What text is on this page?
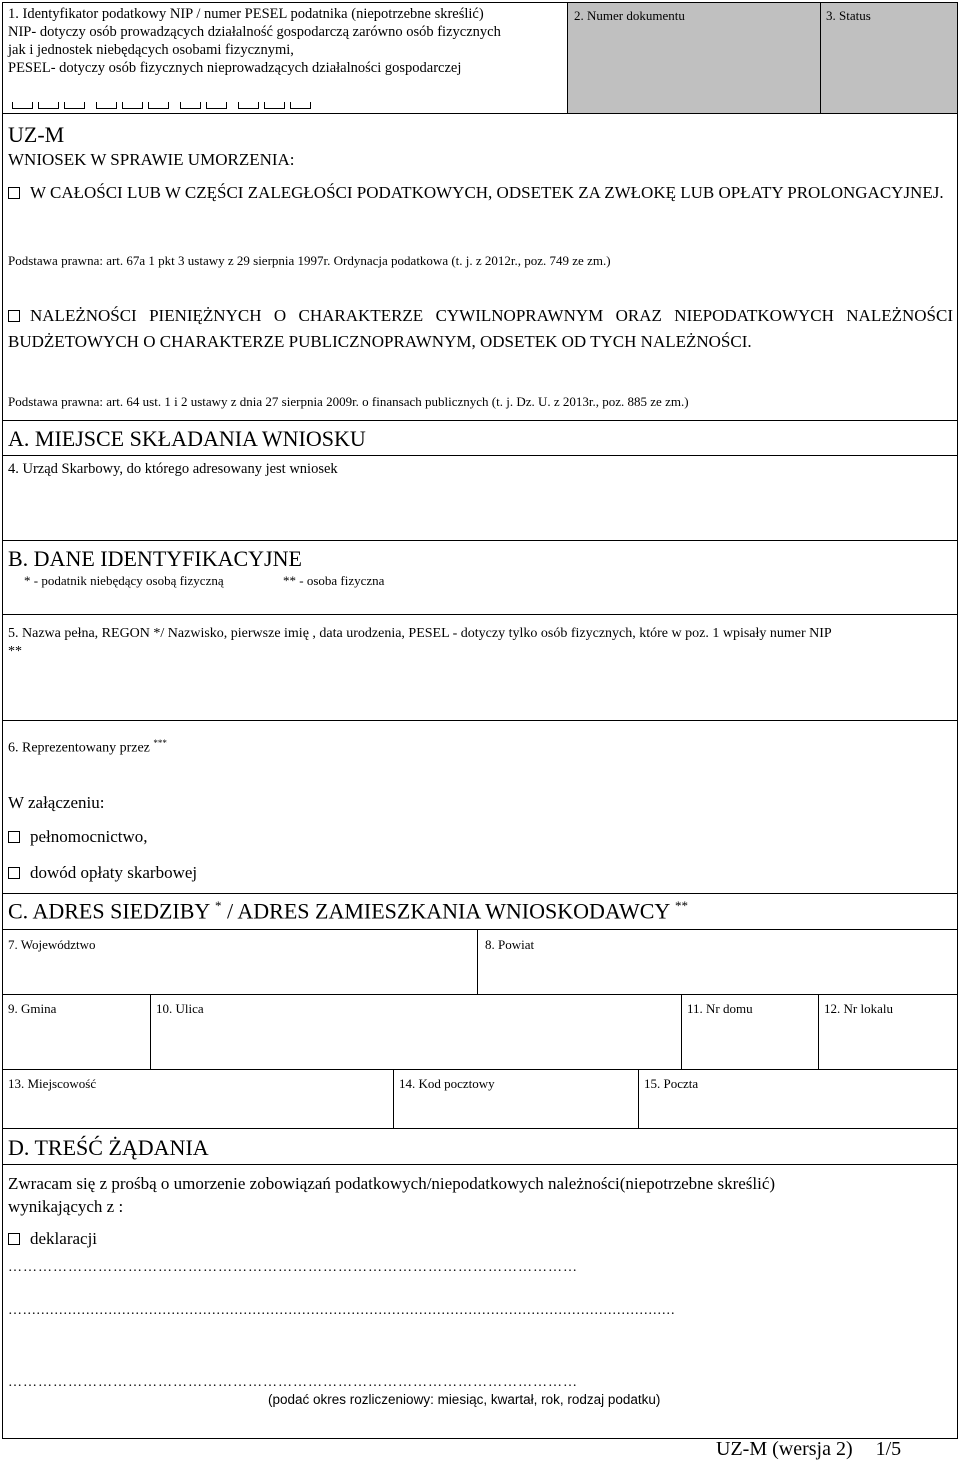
1. Identyfikator podatkowy NIP / numer PESEL podatnika (niepotrzebne skreślić)
NIP- dotyczy osób prowadzących działalność gospodarczą zarówno osób fizycznych
jak i jednostek niebędących osobami fizycznymi,
PESEL- dotyczy osób fizycznych nieprowadzących działalności gospodarczej
2. Numer dokumentu	3. Status
UZ-M
WNIOSEK W SPRAWIE UMORZENIA:
W CAŁOŚCI LUB W CZĘŚCI ZALEGŁOŚCI PODATKOWYCH, ODSETEK ZA ZWŁOKĘ LUB OPŁATY PROLONGACYJNEJ.
Podstawa prawna: art. 67a 1 pkt 3 ustawy z 29 sierpnia 1997r. Ordynacja podatkowa (t. j. z 2012r., poz. 749 ze zm.)
NALEŻNOŚCI PIENIĘŻNYCH O CHARAKTERZE CYWILNOPRAWNYM ORAZ NIEPODATKOWYCH NALEŻNOŚCI BUDŻETOWYCH O CHARAKTERZE PUBLICZNOPRAWNYM, ODSETEK OD TYCH NALEŻNOŚCI.
Podstawa prawna: art. 64 ust. 1 i 2 ustawy z dnia 27 sierpnia 2009r. o finansach publicznych (t. j. Dz. U. z 2013r., poz. 885 ze zm.)
A. MIEJSCE SKŁADANIA WNIOSKU
4. Urząd Skarbowy, do którego adresowany jest wniosek
B. DANE IDENTYFIKACYJNE
* - podatnik niebędący osobą fizyczną	** - osoba fizyczna
5. Nazwa pełna, REGON */ Nazwisko, pierwsze imię , data urodzenia, PESEL - dotyczy tylko osób fizycznych, które w poz. 1 wpisały numer NIP
**
6. Reprezentowany przez ***
W załączeniu:
pełnomocnictwo,
dowód opłaty skarbowej
C. ADRES SIEDZIBY * / ADRES ZAMIESZKANIA WNIOSKODAWCY **
7. Województwo	8. Powiat
9. Gmina	10. Ulica	11. Nr domu	12. Nr lokalu
13. Miejscowość	14. Kod pocztowy	15. Poczta
D. TREŚĆ ŻĄDANIA
Zwracam się z prośbą o umorzenie zobowiązań podatkowych/niepodatkowych należności(niepotrzebne skreślić)
wynikających z :
deklaracji
……………………………………………………………………………………………………
….................................................................................................................................................
……………………………………………………………………………………………………
(podać okres rozliczeniowy: miesiąc, kwartał, rok, rodzaj podatku)
UZ-M (wersja 2) 1/5
